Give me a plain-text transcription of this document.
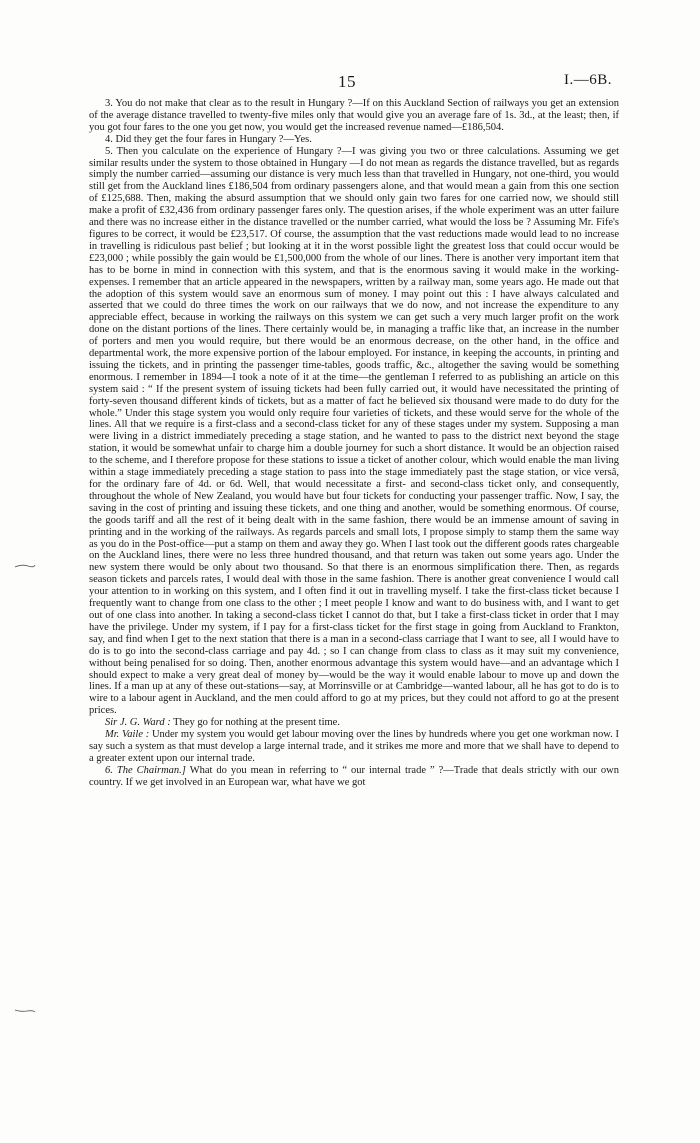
15	I.—6B.

3. You do not make that clear as to the result in Hungary ?—If on this Auckland Section of railways you get an extension of the average distance travelled to twenty-five miles only that would give you an average fare of 1s. 3d., at the least; then, if you got four fares to the one you get now, you would get the increased revenue named—£186,504.

4. Did they get the four fares in Hungary ?—Yes.

5. Then you calculate on the experience of Hungary ?—I was giving you two or three calculations. Assuming we get similar results under the system to those obtained in Hungary —I do not mean as regards the distance travelled, but as regards simply the number carried—assuming our distance is very much less than that travelled in Hungary, not one-third, you would still get from the Auckland lines £186,504 from ordinary passengers alone, and that would mean a gain from this one section of £125,688. Then, making the absurd assumption that we should only gain two fares for one carried now, we should still make a profit of £32,436 from ordinary passenger fares only. The question arises, if the whole experiment was an utter failure and there was no increase either in the distance travelled or the number carried, what would the loss be ? Assuming Mr. Fife's figures to be correct, it would be £23,517. Of course, the assumption that the vast reductions made would lead to no increase in travelling is ridiculous past belief ; but looking at it in the worst possible light the greatest loss that could occur would be £23,000 ; while possibly the gain would be £1,500,000 from the whole of our lines. There is another very important item that has to be borne in mind in connection with this system, and that is the enormous saving it would make in the working-expenses. I remember that an article appeared in the newspapers, written by a railway man, some years ago. He made out that the adoption of this system would save an enormous sum of money. I may point out this : I have always calculated and asserted that we could do three times the work on our railways that we do now, and not increase the expenditure to any appreciable effect, because in working the railways on this system we can get such a very much larger profit on the work done on the distant portions of the lines. There certainly would be, in managing a traffic like that, an increase in the number of porters and men you would require, but there would be an enormous decrease, on the other hand, in the office and departmental work, the more expensive portion of the labour employed. For instance, in keeping the accounts, in printing and issuing the tickets, and in printing the passenger time-tables, goods traffic, &c., altogether the saving would be something enormous. I remember in 1894—I took a note of it at the time—the gentleman I referred to as publishing an article on this system said : “ If the present system of issuing tickets had been fully carried out, it would have necessitated the printing of forty-seven thousand different kinds of tickets, but as a matter of fact he believed six thousand were made to do duty for the whole.” Under this stage system you would only require four varieties of tickets, and these would serve for the whole of the lines. All that we require is a first-class and a second-class ticket for any of these stages under my system. Supposing a man were living in a district immediately preceding a stage station, and he wanted to pass to the district next beyond the stage station, it would be somewhat unfair to charge him a double journey for such a short distance. It would be an objection raised to the scheme, and I therefore propose for these stations to issue a ticket of another colour, which would enable the man living within a stage immediately preceding a stage station to pass into the stage immediately past the stage station, or vice versâ, for the ordinary fare of 4d. or 6d. Well, that would necessitate a first- and second-class ticket only, and consequently, throughout the whole of New Zealand, you would have but four tickets for conducting your passenger traffic. Now, I say, the saving in the cost of printing and issuing these tickets, and one thing and another, would be something enormous. Of course, the goods tariff and all the rest of it being dealt with in the same fashion, there would be an immense amount of saving in printing and in the working of the railways. As regards parcels and small lots, I propose simply to stamp them the same way as you do in the Post-office—put a stamp on them and away they go. When I last took out the different goods rates chargeable on the Auckland lines, there were no less three hundred thousand, and that return was taken out some years ago. Under the new system there would be only about two thousand. So that there is an enormous simplification there. Then, as regards season tickets and parcels rates, I would deal with those in the same fashion. There is another great convenience I would call your attention to in working on this system, and I often find it out in travelling myself. I take the first-class ticket because I frequently want to change from one class to the other ; I meet people I know and want to do business with, and I want to get out of one class into another. In taking a second-class ticket I cannot do that, but I take a first-class ticket in order that I may have the privilege. Under my system, if I pay for a first-class ticket for the first stage in going from Auckland to Frankton, say, and find when I get to the next station that there is a man in a second-class carriage that I want to see, all I would have to do is to go into the second-class carriage and pay 4d. ; so I can change from class to class as it may suit my convenience, without being penalised for so doing. Then, another enormous advantage this system would have—and an advantage which I should expect to make a very great deal of money by—would be the way it would enable labour to move up and down the lines. If a man up at any of these out-stations—say, at Morrinsville or at Cambridge—wanted labour, all he has got to do is to wire to a labour agent in Auckland, and the men could afford to go at my prices, but they could not afford to go at the present prices.

Sir J. G. Ward : They go for nothing at the present time.

Mr. Vaile : Under my system you would get labour moving over the lines by hundreds where you get one workman now. I say such a system as that must develop a large internal trade, and it strikes me more and more that we shall have to depend to a greater extent upon our internal trade.

6. The Chairman.] What do you mean in referring to “ our internal trade ” ?—Trade that deals strictly with our own country. If we get involved in an European war, what have we got
